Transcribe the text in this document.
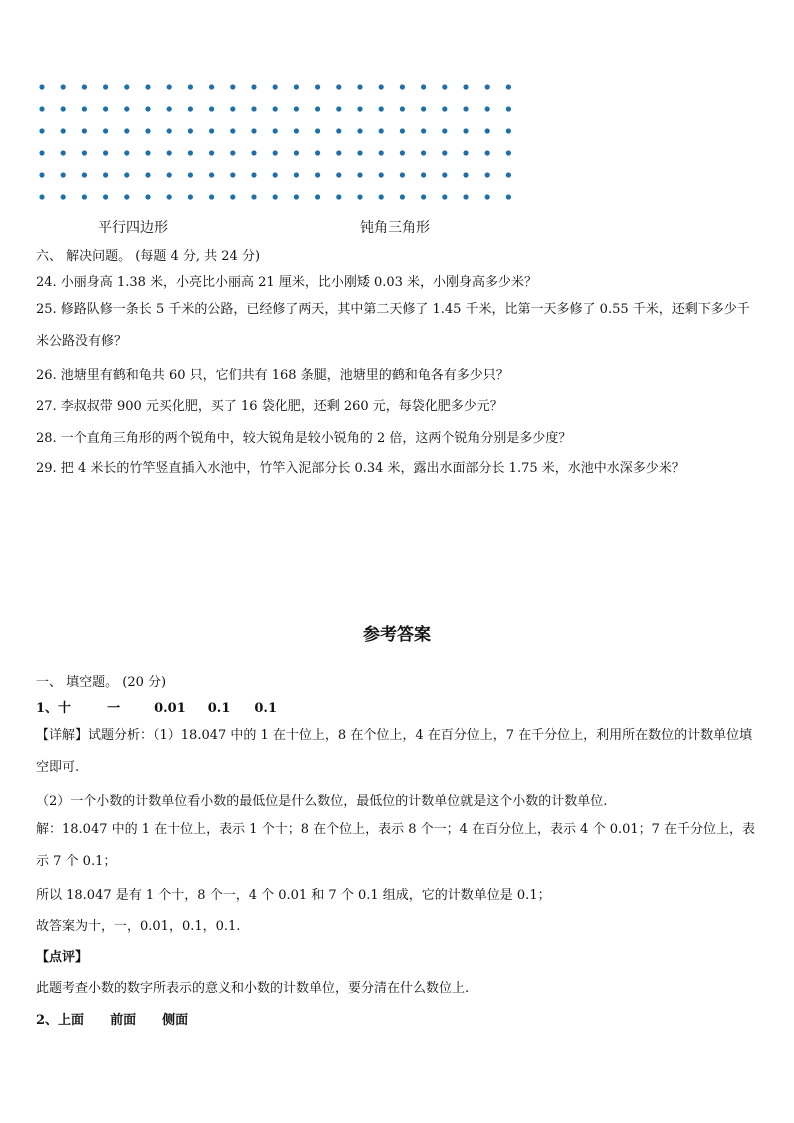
平行四边形	钝角三角形
六、 解决问题。 (每题 4 分, 共 24 分)
24. 小丽身高 1.38 米，小亮比小丽高 21 厘米，比小刚矮 0.03 米，小刚身高多少米？
25. 修路队修一条长 5 千米的公路，已经修了两天，其中第二天修了 1.45 千米，比第一天多修了 0.55 千米，还剩下多少千米公路没有修？
26. 池塘里有鹤和龟共 60 只，它们共有 168 条腿，池塘里的鹤和龟各有多少只？
27. 李叔叔带 900 元买化肥，买了 16 袋化肥，还剩 260 元，每袋化肥多少元？
28. 一个直角三角形的两个锐角中，较大锐角是较小锐角的 2 倍，这两个锐角分别是多少度？
29. 把 4 米长的竹竿竖直插入水池中，竹竿入泥部分长 0.34 米，露出水面部分长 1.75 米，水池中水深多少米？
参考答案
一、 填空题。 (20 分)
1、十	一	0.01 0.1 0.1
【详解】试题分析：（1）18.047 中的 1 在十位上，8 在个位上，4 在百分位上，7 在千分位上，利用所在数位的计数单位填空即可.
（2）一个小数的计数单位看小数的最低位是什么数位，最低位的计数单位就是这个小数的计数单位.
解：18.047 中的 1 在十位上，表示 1 个十；8 在个位上，表示 8 个一；4 在百分位上，表示 4 个 0.01；7 在千分位上，表示 7 个 0.1；
所以 18.047 是有 1 个十，8 个一，4 个 0.01 和 7 个 0.1 组成，它的计数单位是 0.1；
故答案为十，一，0.01，0.1，0.1.
【点评】
此题考查小数的数字所表示的意义和小数的计数单位，要分清在什么数位上.
2、上面 前面 侧面
